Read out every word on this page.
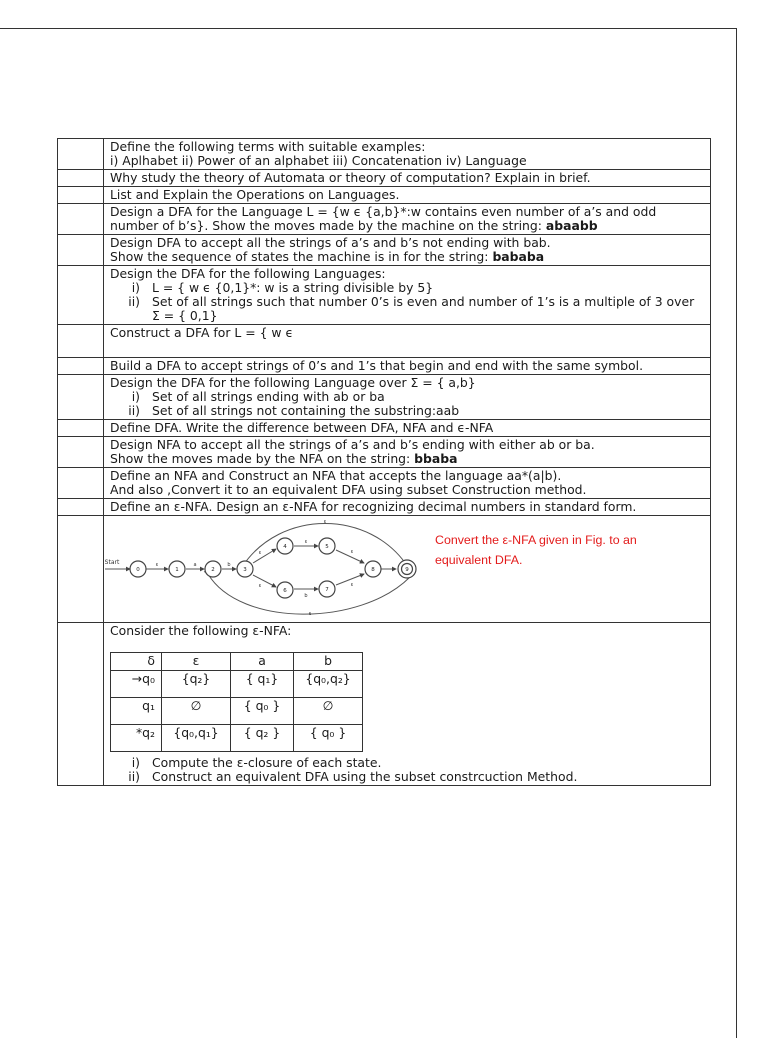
Define the following terms with suitable examples:
i) Aplhabet ii) Power of an alphabet iii) Concatenation iv) Language

Why study the theory of Automata or theory of computation? Explain in brief.

List and Explain the Operations on Languages.

Design a DFA for the Language L = {w ϵ {a,b}*:w contains even number of a’s and odd number of b’s}. Show the moves made by the machine on the string: abaabb

Design DFA to accept all the strings of a’s and b’s not ending with bab.
Show the sequence of states the machine is in for the string: bababa

Design the DFA for the following Languages:
i) L = { w ϵ {0,1}*: w is a string divisible by 5}
ii) Set of all strings such that number 0’s is even and number of 1’s is a multiple of 3 over Σ = { 0,1}

Construct a DFA for L = { w ϵ

Build a DFA to accept strings of 0’s and 1’s that begin and end with the same symbol.

Design the DFA for the following Language over Σ = { a,b}
i) Set of all strings ending with ab or ba
ii) Set of all strings not containing the substring:aab

Define DFA. Write the difference between DFA, NFA and ϵ-NFA

Design NFA to accept all the strings of a’s and b’s ending with either ab or ba.
Show the moves made by the NFA on the string: bbaba

Define an NFA and Construct an NFA that accepts the language aa*(a|b).
And also ,Convert it to an equivalent DFA using subset Construction method.

Define an ε-NFA. Design an ε-NFA for recognizing decimal numbers in standard form.

0	1	2	3
4	5
6	7
8	9
Start	ε	a	b
ε
ε
ε
ε
b
ε
ε
ε
Convert the ε-NFA given in Fig. to an equivalent DFA.

Consider the following ε-NFA:
δ	ε	a	b
→q₀	{q₂}	{ q₁}	{q₀,q₂}
q₁	∅	{ q₀ }	∅
*q₂	{q₀,q₁}	{ q₂ }	{ q₀ }
i) Compute the ε-closure of each state.
ii) Construct an equivalent DFA using the subset constrcuction Method.
